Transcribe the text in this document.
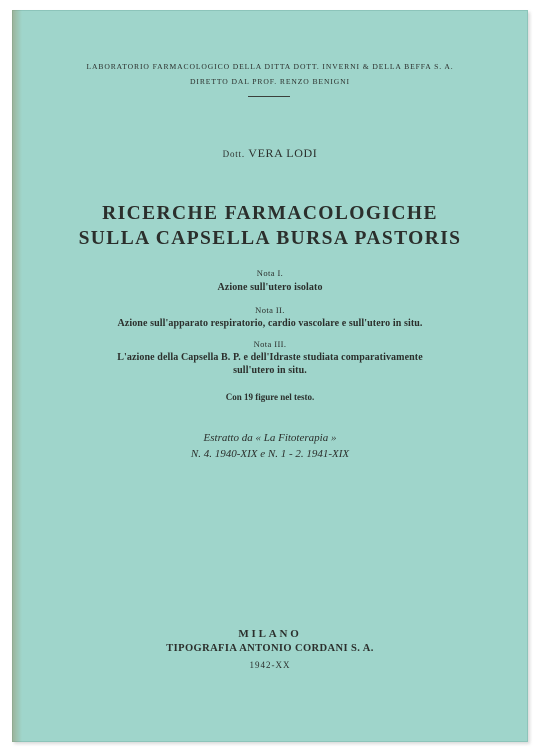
LABORATORIO FARMACOLOGICO DELLA DITTA DOTT. INVERNI & DELLA BEFFA S. A.
DIRETTO DAL PROF. RENZO BENIGNI
Dott. VERA LODI
RICERCHE FARMACOLOGICHE
SULLA CAPSELLA BURSA PASTORIS
Nota I.
Azione sull'utero isolato
Nota II.
Azione sull'apparato respiratorio, cardio vascolare e sull'utero in situ.
Nota III.
L'azione della Capsella B. P. e dell'Idraste studiata comparativamente
sull'utero in situ.
Con 19 figure nel testo.
Estratto da « La Fitoterapia »
N. 4. 1940-XIX e N. 1 - 2. 1941-XIX
MILANO
TIPOGRAFIA ANTONIO CORDANI S. A.
1942-XX
